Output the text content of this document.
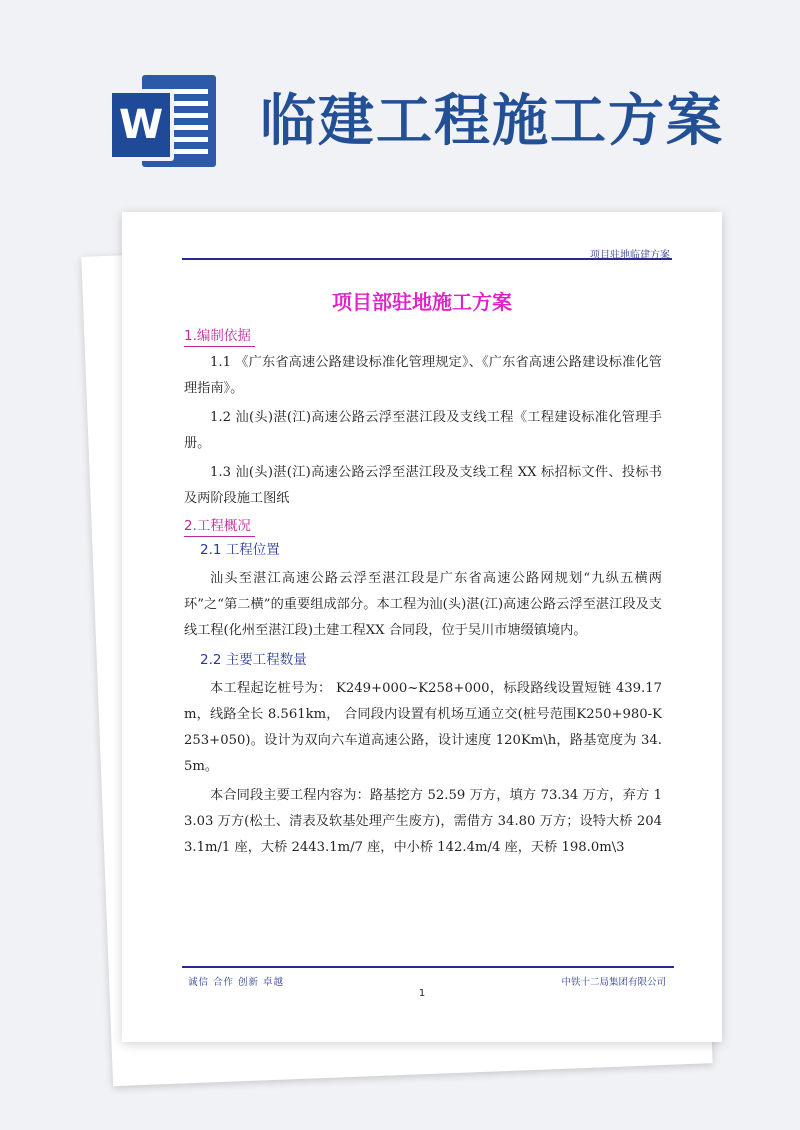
W 临建工程施工方案
项目驻地临建方案
项目部驻地施工方案
1.编制依据
1.1 《广东省高速公路建设标准化管理规定》、《广东省高速公路建设标准化管理指南》。
1.2 汕(头)湛(江)高速公路云浮至湛江段及支线工程《工程建设标准化管理手册。
1.3 汕(头)湛(江)高速公路云浮至湛江段及支线工程 XX 标招标文件、投标书及两阶段施工图纸
2.工程概况
2.1 工程位置
汕头至湛江高速公路云浮至湛江段是广东省高速公路网规划“九纵五横两环”之“第二横”的重要组成部分。本工程为汕(头)湛(江)高速公路云浮至湛江段及支线工程(化州至湛江段)土建工程XX 合同段，位于吴川市塘缀镇境内。
2.2 主要工程数量
本工程起讫桩号为： K249+000~K258+000，标段路线设置短链 439.17m，线路全长 8.561km， 合同段内设置有机场互通立交(桩号范围K250+980-K253+050)。设计为双向六车道高速公路，设计速度 120Km\h，路基宽度为 34.5m。
本合同段主要工程内容为：路基挖方 52.59 万方，填方 73.34 万方，弃方 13.03 万方(松土、清表及软基处理产生废方)，需借方 34.80 万方；设特大桥 2043.1m/1 座，大桥 2443.1m/7 座，中小桥 142.4m/4 座，天桥 198.0m\3
诚信 合作 创新 卓越	中铁十二局集团有限公司
1
